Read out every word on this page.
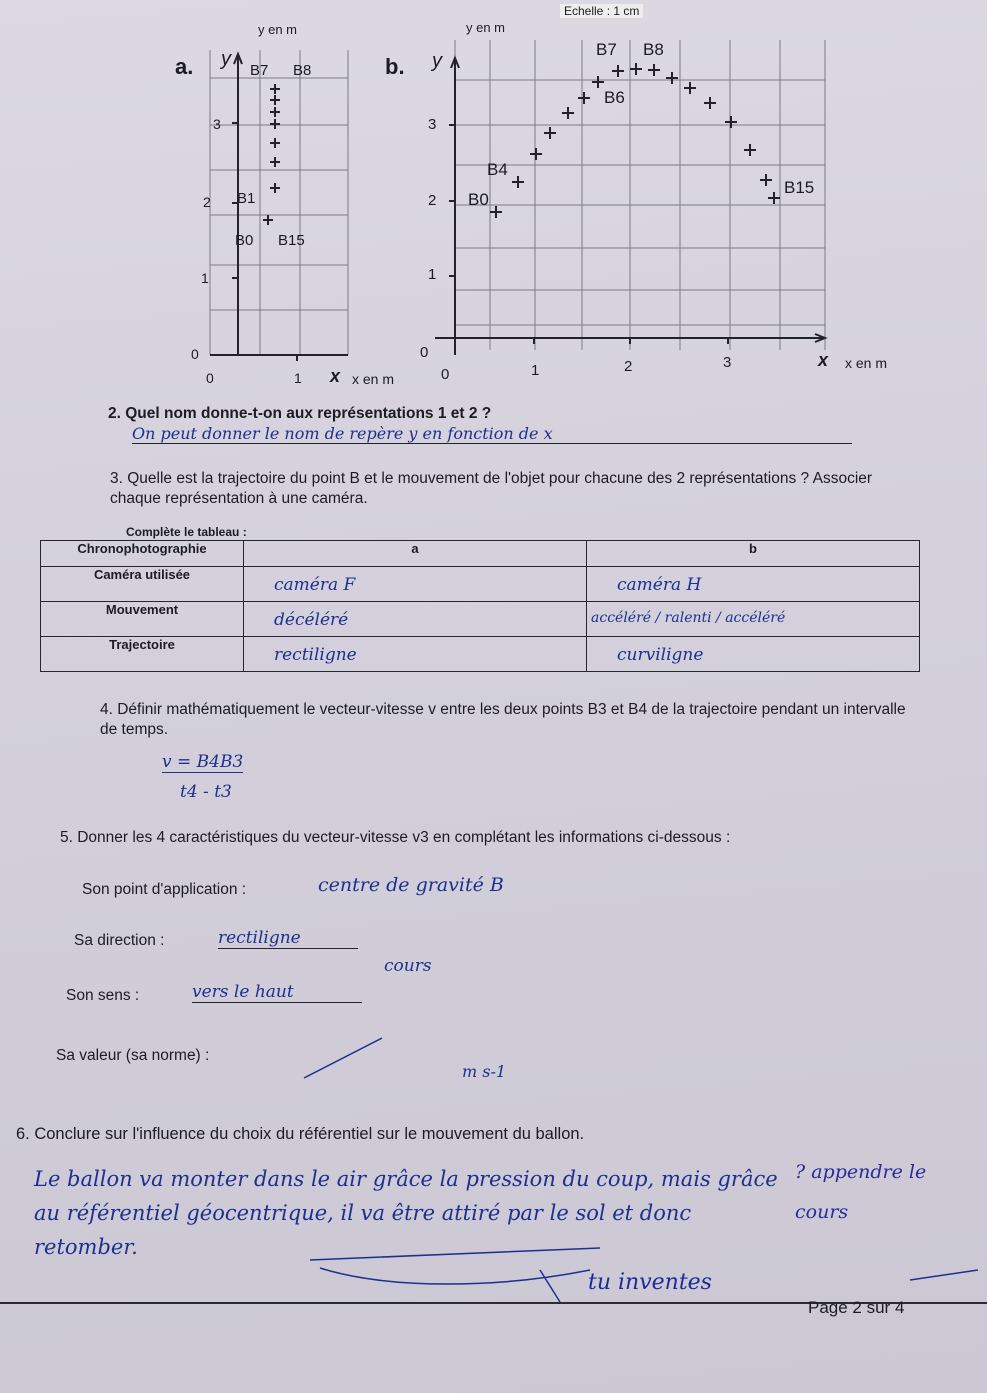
Echelle : 1 cm
a.
y en m
y
B7 B8
3
2 B1
B0 B15
1
0
0	1 x x en m
y en m
b. y
B7 B8
B6
3
B4
B15
2 B0
1
0
0	1	2	3	x x en m
2. Quel nom donne-t-on aux représentations 1 et 2 ?
On peut donner le nom de repère y en fonction de x
3. Quelle est la trajectoire du point B et le mouvement de l'objet pour chacune des 2 représentations ? Associer chaque représentation à une caméra.
Complète le tableau :
Chronophotographie	a	b
Caméra utilisée	caméra F	caméra H

Mouvement	décéléré	accéléré / ralenti / accéléré

Trajectoire	rectiligne	curviligne
4. Définir mathématiquement le vecteur-vitesse v entre les deux points B3 et B4 de la trajectoire pendant un intervalle de temps.
v = B4B3
t4 - t3
5. Donner les 4 caractéristiques du vecteur-vitesse v3 en complétant les informations ci-dessous :
Son point d'application :	centre de gravité B
Sa direction :	rectiligne
cours
Son sens :	vers le haut
Sa valeur (sa norme) :
m s-1
6. Conclure sur l'influence du choix du référentiel sur le mouvement du ballon.
Le ballon va monter dans le air grâce la pression du coup, mais grâce au référentiel géocentrique, il va être attiré par le sol et donc retomber.
? appendre le cours
tu inventes
Page 2 sur 4
